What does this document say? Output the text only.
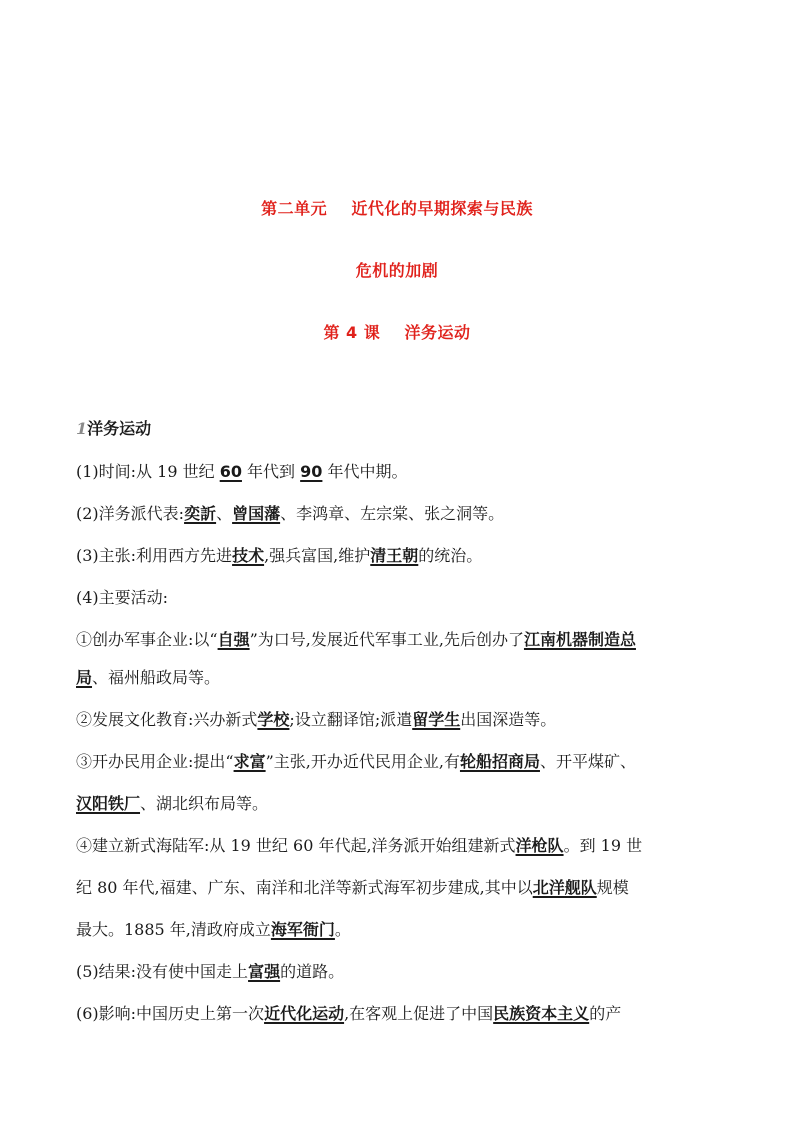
第二单元    近代化的早期探索与民族
危机的加剧
第 4 课    洋务运动
1洋务运动
(1)时间:从 19 世纪 60 年代到 90 年代中期。
(2)洋务派代表:奕訢、曾国藩、李鸿章、左宗棠、张之洞等。
(3)主张:利用西方先进技术,强兵富国,维护清王朝的统治。
(4)主要活动:
①创办军事企业:以“自强”为口号,发展近代军事工业,先后创办了江南机器制造总
局、福州船政局等。
②发展文化教育:兴办新式学校;设立翻译馆;派遣留学生出国深造等。
③开办民用企业:提出“求富”主张,开办近代民用企业,有轮船招商局、开平煤矿、
汉阳铁厂、湖北织布局等。
④建立新式海陆军:从 19 世纪 60 年代起,洋务派开始组建新式洋枪队。到 19 世
纪 80 年代,福建、广东、南洋和北洋等新式海军初步建成,其中以北洋舰队规模
最大。1885 年,清政府成立海军衙门。
(5)结果:没有使中国走上富强的道路。
(6)影响:中国历史上第一次近代化运动,在客观上促进了中国民族资本主义的产
